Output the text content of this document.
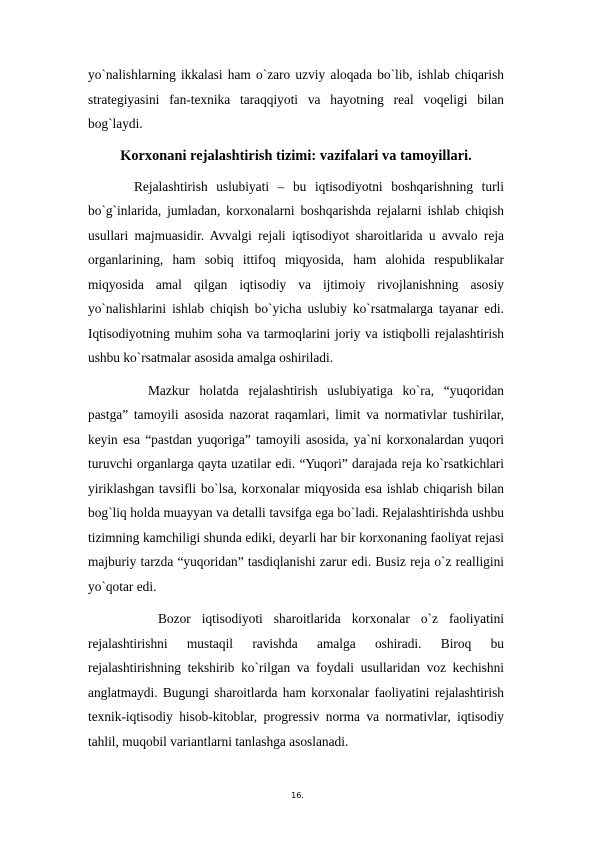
yo`nalishlarning ikkalasi ham o`zaro uzviy aloqada bo`lib, ishlab chiqarish strategiyasini fan-texnika taraqqiyoti va hayotning real voqeligi bilan bog`laydi.

Korxonani rejalashtirish tizimi: vazifalari va tamoyillari.

Rejalashtirish uslubiyati – bu iqtisodiyotni boshqarishning turli bo`g`inlarida, jumladan, korxonalarni boshqarishda rejalarni ishlab chiqish usullari majmuasidir. Avvalgi rejali iqtisodiyot sharoitlarida u avvalo reja organlarining, ham sobiq ittifoq miqyosida, ham alohida respublikalar miqyosida amal qilgan iqtisodiy va ijtimoiy rivojlanishning asosiy yo`nalishlarini ishlab chiqish bo`yicha uslubiy ko`rsatmalarga tayanar edi. Iqtisodiyotning muhim soha va tarmoqlarini joriy va istiqbolli rejalashtirish ushbu ko`rsatmalar asosida amalga oshiriladi.

Mazkur holatda rejalashtirish uslubiyatiga ko`ra, “yuqoridan pastga” tamoyili asosida nazorat raqamlari, limit va normativlar tushirilar, keyin esa “pastdan yuqoriga” tamoyili asosida, ya`ni korxonalardan yuqori turuvchi organlarga qayta uzatilar edi. “Yuqori” darajada reja ko`rsatkichlari yiriklashgan tavsifli bo`lsa, korxonalar miqyosida esa ishlab chiqarish bilan bog`liq holda muayyan va detalli tavsifga ega bo`ladi. Rejalashtirishda ushbu tizimning kamchiligi shunda ediki, deyarli har bir korxonaning faoliyat rejasi majburiy tarzda “yuqoridan” tasdiqlanishi zarur edi. Busiz reja o`z realligini yo`qotar edi.

Bozor iqtisodiyoti sharoitlarida korxonalar o`z faoliyatini rejalashtirishni mustaqil ravishda amalga oshiradi. Biroq bu rejalashtirishning tekshirib ko`rilgan va foydali usullaridan voz kechishni anglatmaydi. Bugungi sharoitlarda ham korxonalar faoliyatini rejalashtirish texnik-iqtisodiy hisob-kitoblar, progressiv norma va normativlar, iqtisodiy tahlil, muqobil variantlarni tanlashga asoslanadi.

16.
